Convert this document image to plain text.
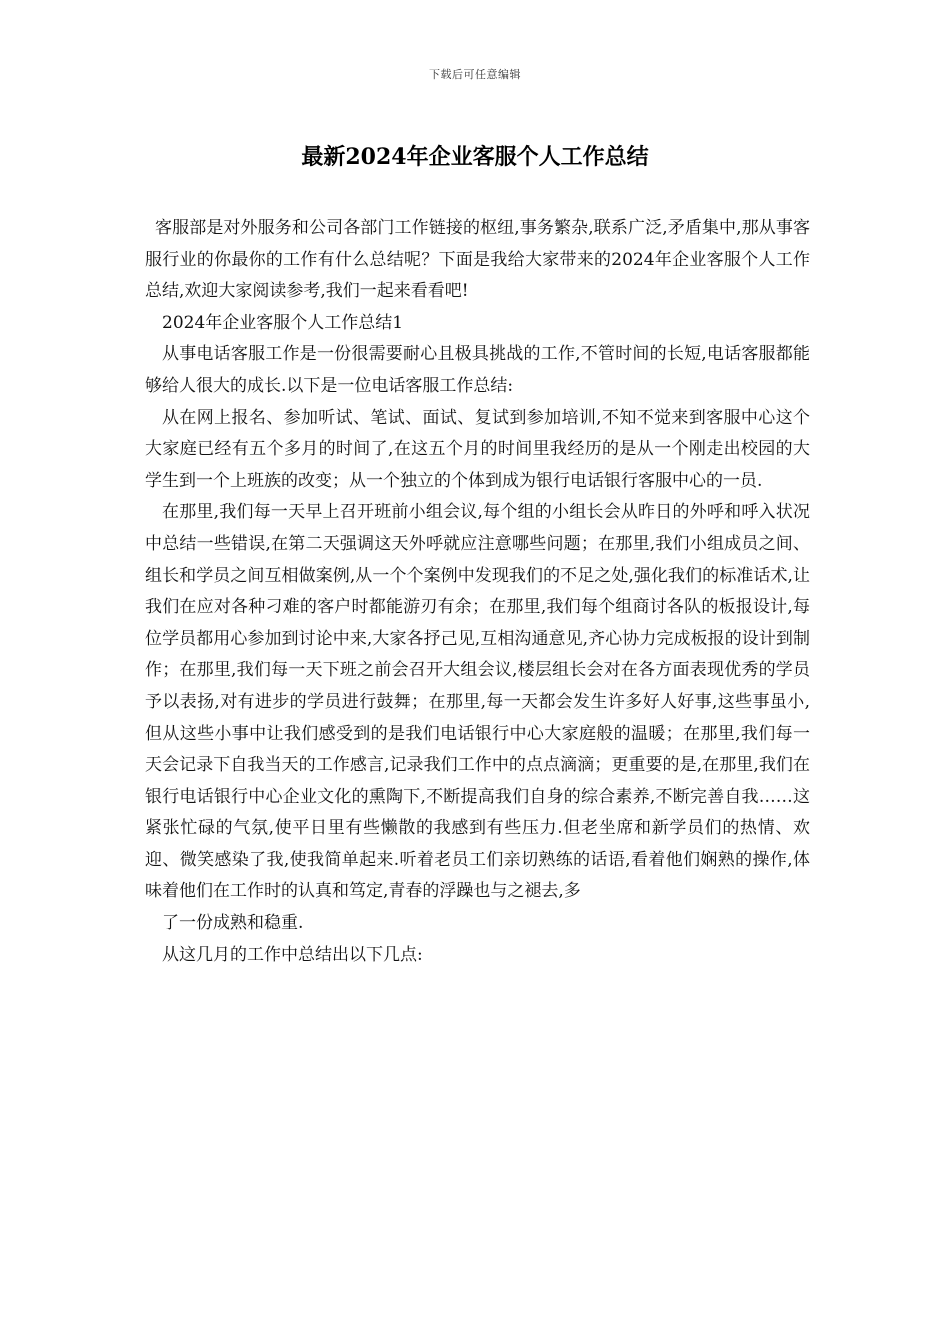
下载后可任意编辑
最新2024年企业客服个人工作总结

客服部是对外服务和公司各部门工作链接的枢纽,事务繁杂,联系广泛,矛盾集中,那从事客服行业的你最你的工作有什么总结呢？下面是我给大家带来的2024年企业客服个人工作总结,欢迎大家阅读参考,我们一起来看看吧!

2024年企业客服个人工作总结1

从事电话客服工作是一份很需要耐心且极具挑战的工作,不管时间的长短,电话客服都能够给人很大的成长.以下是一位电话客服工作总结:

从在网上报名、参加听试、笔试、面试、复试到参加培训,不知不觉来到客服中心这个大家庭已经有五个多月的时间了,在这五个月的时间里我经历的是从一个刚走出校园的大学生到一个上班族的改变；从一个独立的个体到成为银行电话银行客服中心的一员.

在那里,我们每一天早上召开班前小组会议,每个组的小组长会从昨日的外呼和呼入状况中总结一些错误,在第二天强调这天外呼就应注意哪些问题；在那里,我们小组成员之间、组长和学员之间互相做案例,从一个个案例中发现我们的不足之处,强化我们的标准话术,让我们在应对各种刁难的客户时都能游刃有余；在那里,我们每个组商讨各队的板报设计,每位学员都用心参加到讨论中来,大家各抒己见,互相沟通意见,齐心协力完成板报的设计到制作；在那里,我们每一天下班之前会召开大组会议,楼层组长会对在各方面表现优秀的学员予以表扬,对有进步的学员进行鼓舞；在那里,每一天都会发生许多好人好事,这些事虽小,但从这些小事中让我们感受到的是我们电话银行中心大家庭般的温暖；在那里,我们每一天会记录下自我当天的工作感言,记录我们工作中的点点滴滴；更重要的是,在那里,我们在银行电话银行中心企业文化的熏陶下,不断提高我们自身的综合素养,不断完善自我……这紧张忙碌的气氛,使平日里有些懒散的我感到有些压力.但老坐席和新学员们的热情、欢迎、微笑感染了我,使我简单起来.听着老员工们亲切熟练的话语,看着他们娴熟的操作,体味着他们在工作时的认真和笃定,青春的浮躁也与之褪去,多

了一份成熟和稳重.

从这几月的工作中总结出以下几点:
